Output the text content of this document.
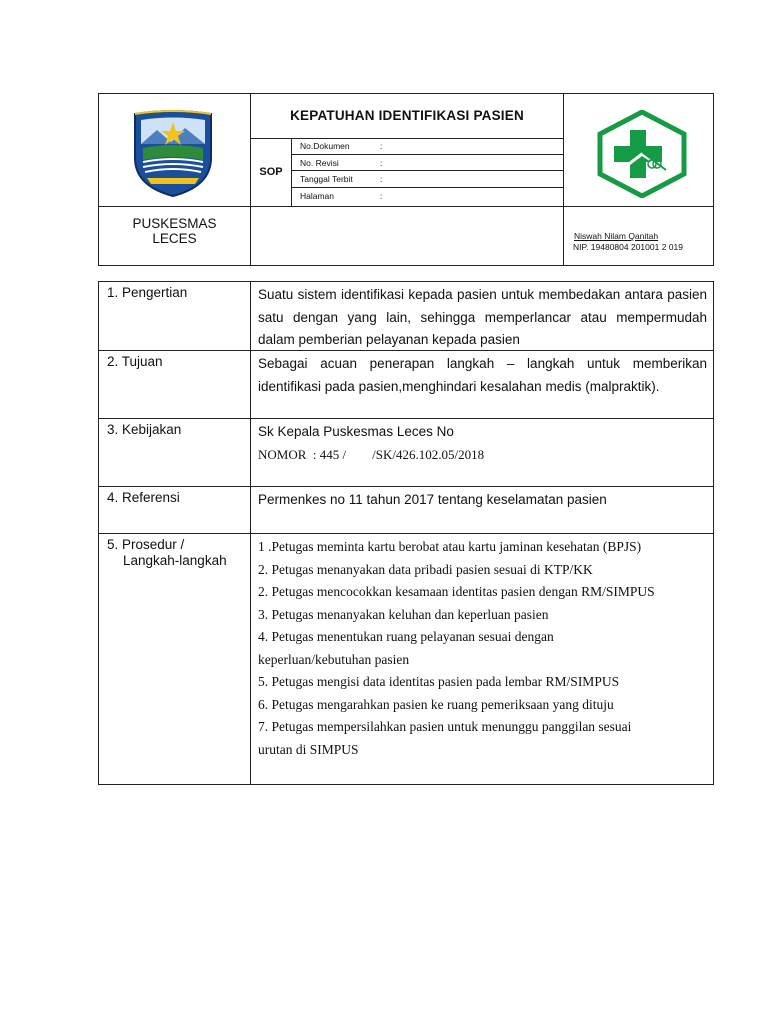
KEPATUHAN IDENTIFIKASI PASIEN
SOP
No.Dokumen	:
No. Revisi	:
Tanggal Terbit	:
Halaman	:
PUSKESMAS
LECES	Niswah Nilam Qanitah
NIP. 19480804 201001 2 019
1. Pengertian	Suatu sistem identifikasi kepada pasien untuk membedakan antara pasien satu dengan yang lain, sehingga memperlancar atau mempermudah dalam pemberian pelayanan kepada pasien
2. Tujuan	Sebagai acuan penerapan langkah – langkah untuk memberikan identifikasi pada pasien,menghindari kesalahan medis (malpraktik).
3. Kebijakan	Sk Kepala Puskesmas Leces No
NOMOR  : 445 /        /SK/426.102.05/2018
4. Referensi	Permenkes no 11 tahun 2017 tentang keselamatan pasien
5. Prosedur /
Langkah-langkah
1 .Petugas meminta kartu berobat atau kartu jaminan kesehatan (BPJS)
2. Petugas menanyakan data pribadi pasien sesuai di KTP/KK
2. Petugas mencocokkan kesamaan identitas pasien dengan RM/SIMPUS
3. Petugas menanyakan keluhan dan keperluan pasien
4. Petugas menentukan ruang pelayanan sesuai dengan
keperluan/kebutuhan pasien
5. Petugas mengisi data identitas pasien pada lembar RM/SIMPUS
6. Petugas mengarahkan pasien ke ruang pemeriksaan yang dituju
7. Petugas mempersilahkan pasien untuk menunggu panggilan sesuai
urutan di SIMPUS
